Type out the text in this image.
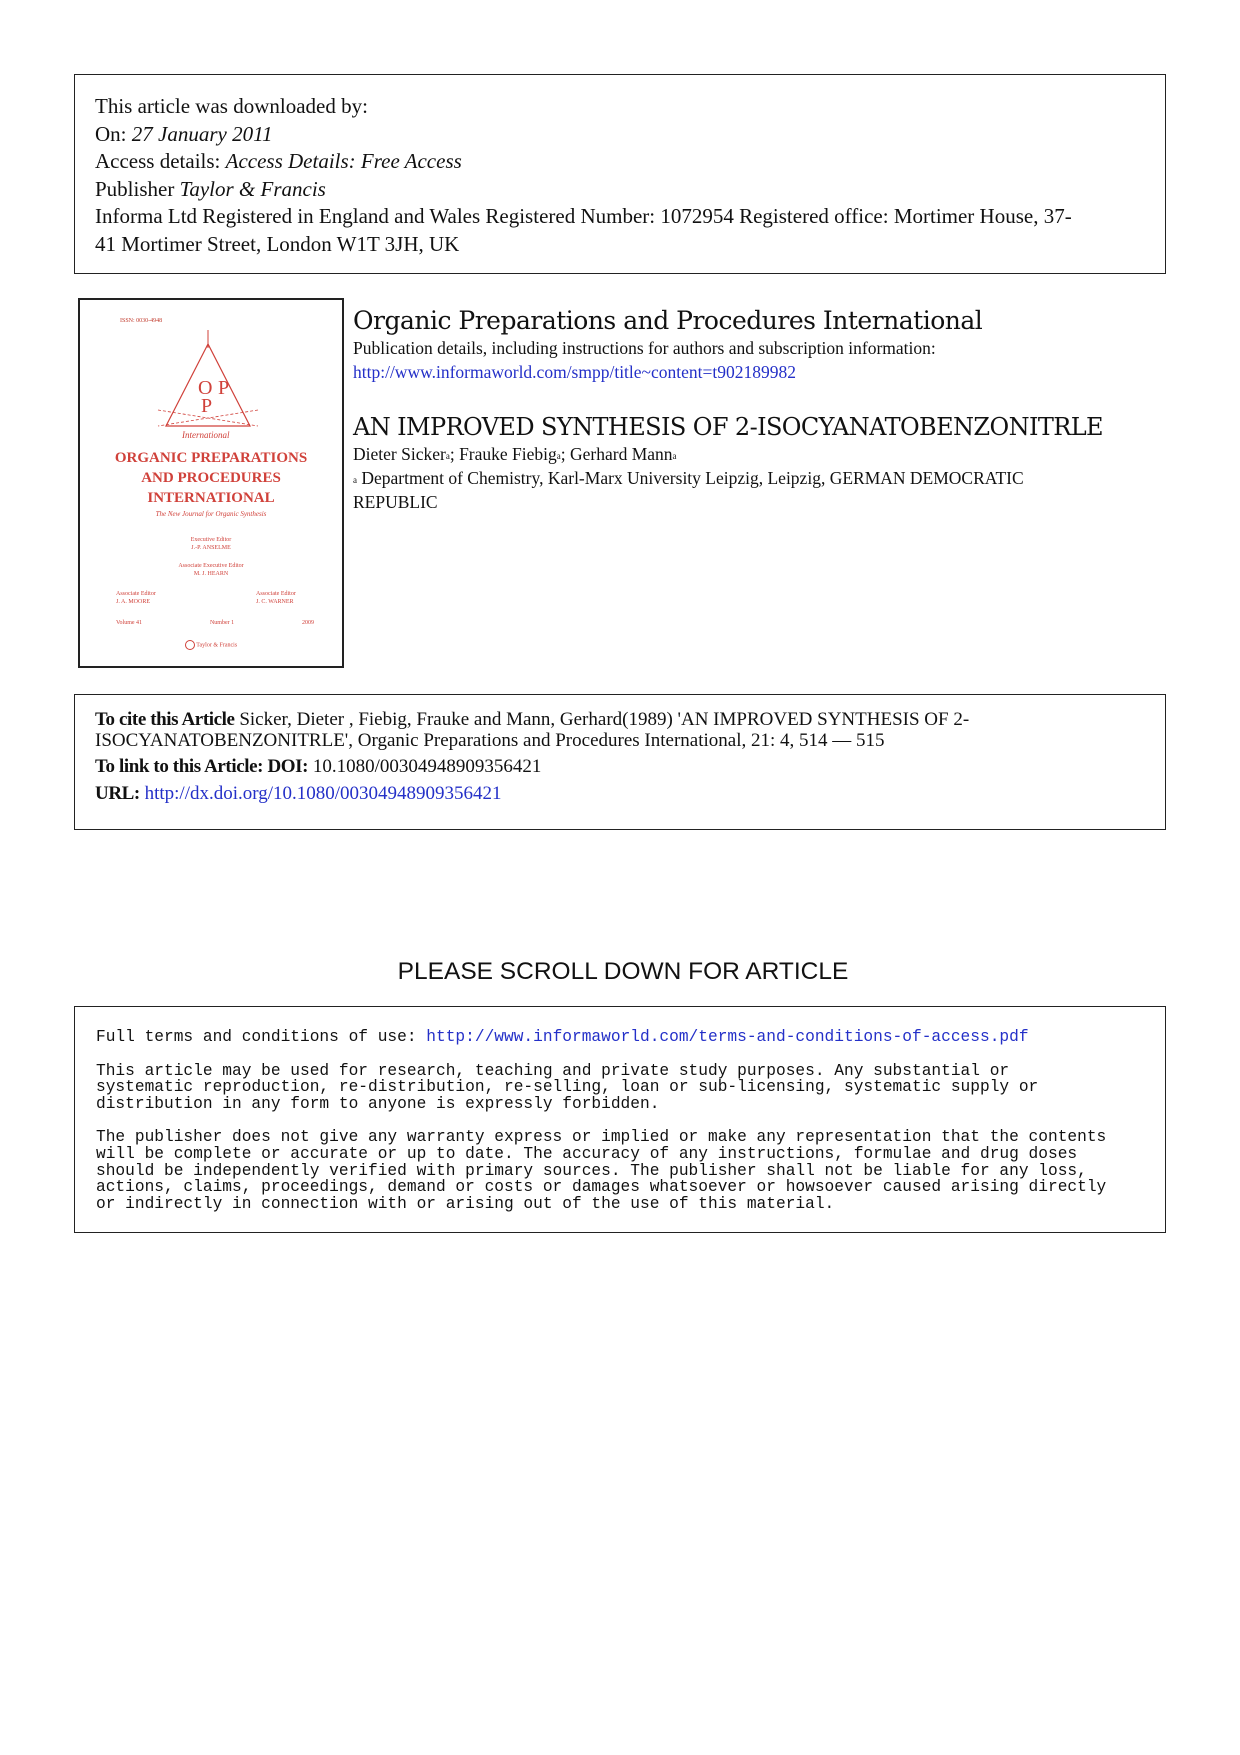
This article was downloaded by:
On: 27 January 2011
Access details: Access Details: Free Access
Publisher Taylor & Francis
Informa Ltd Registered in England and Wales Registered Number: 1072954 Registered office: Mortimer House, 37-
41 Mortimer Street, London W1T 3JH, UK
ISSN: 0030-4948
O P
P
International
ORGANIC PREPARATIONS
AND PROCEDURES
INTERNATIONAL
The New Journal for Organic Synthesis
Executive Editor
J.-P. ANSELME
Associate Executive Editor
M. J. HEARN
Associate Editor
J. A. MOORE
Associate Editor
J. C. WARNER
Volume 41	Number 1	2009
Taylor & Francis
Organic Preparations and Procedures International
Publication details, including instructions for authors and subscription information:
http://www.informaworld.com/smpp/title~content=t902189982
AN IMPROVED SYNTHESIS OF 2-ISOCYANATOBENZONITRLE
Dieter Sicker$^a$; Frauke Fiebig$^a$; Gerhard Mann$^a$
$^a$ Department of Chemistry, Karl-Marx University Leipzig, Leipzig, GERMAN DEMOCRATIC
REPUBLIC
To cite this Article Sicker, Dieter , Fiebig, Frauke and Mann, Gerhard(1989) 'AN IMPROVED SYNTHESIS OF 2-
ISOCYANATOBENZONITRLE', Organic Preparations and Procedures International, 21: 4, 514 — 515
To link to this Article: DOI: 10.1080/00304948909356421
URL: http://dx.doi.org/10.1080/00304948909356421
PLEASE SCROLL DOWN FOR ARTICLE

Full terms and conditions of use: http://www.informaworld.com/terms-and-conditions-of-access.pdf

This article may be used for research, teaching and private study purposes. Any substantial or
systematic reproduction, re-distribution, re-selling, loan or sub-licensing, systematic supply or
distribution in any form to anyone is expressly forbidden.

The publisher does not give any warranty express or implied or make any representation that the contents
will be complete or accurate or up to date. The accuracy of any instructions, formulae and drug doses
should be independently verified with primary sources. The publisher shall not be liable for any loss,
actions, claims, proceedings, demand or costs or damages whatsoever or howsoever caused arising directly
or indirectly in connection with or arising out of the use of this material.
